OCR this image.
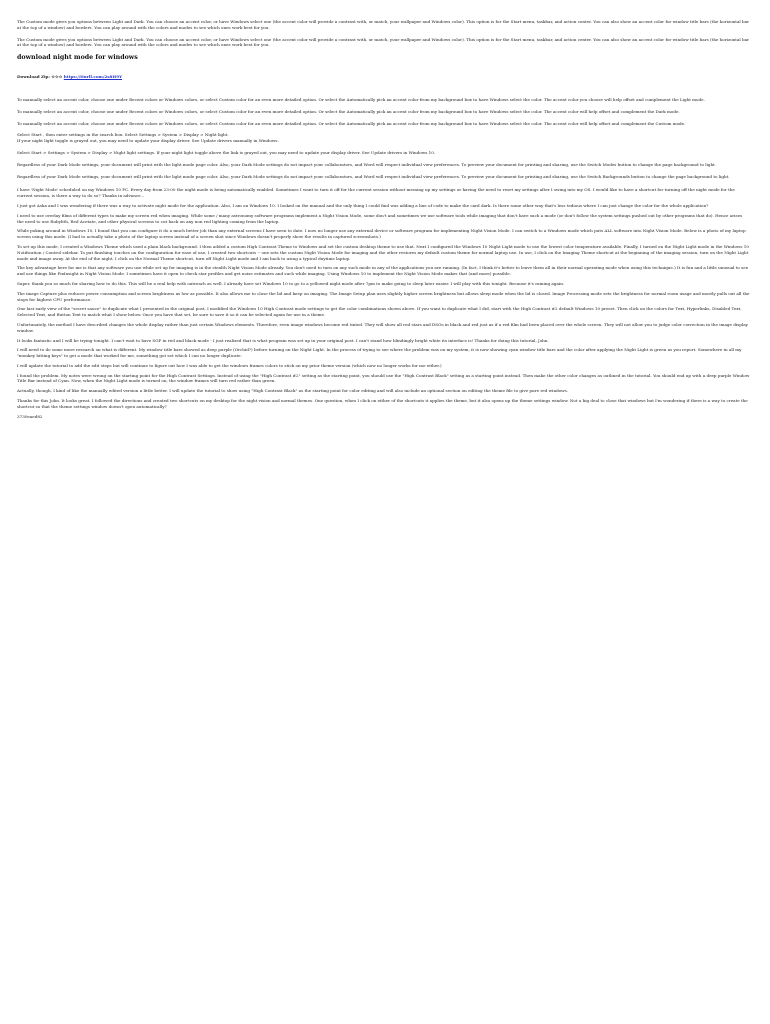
The Custom mode gives you options between Light and Dark. You can choose an accent color, or have Windows select one (the accent color will provide a contrast with, or match, your wallpaper and Windows color). This option is for the Start menu, taskbar, and action center. You can also show an accent color for window title bars (the horizontal bar at the top of a window) and borders. You can play around with the colors and modes to see which ones work best for you.

The Custom mode gives you options between Light and Dark. You can choose an accent color, or have Windows select one (the accent color will provide a contrast with, or match, your wallpaper and Windows color). This option is for the Start menu, taskbar, and action center. You can also show an accent color for window title bars (the horizontal bar at the top of a window) and borders. You can play around with the colors and modes to see which ones work best for you.

download night mode for windows

Download Zip: ☆☆☆ https://tiurll.com/2s8H9Y

To manually select an accent color, choose one under Recent colors or Windows colors, or select Custom color for an even more detailed option. Or select the Automatically pick an accent color from my background box to have Windows select the color. The accent color you choose will help offset and complement the Light mode.

To manually select an accent color, choose one under Recent colors or Windows colors, or select Custom color for an even more detailed option. Or select the Automatically pick an accent color from my background box to have Windows select the color. The accent color will help offset and complement the Dark mode.

To manually select an accent color, choose one under Recent colors or Windows colors, or select Custom color for an even more detailed option. Or select the Automatically pick an accent color from my background box to have Windows select the color. The accent color will help offset and complement the Custom mode.

Select Start , then enter settings in the search box. Select Settings > System > Display > Night light.
If your night light toggle is grayed out, you may need to update your display driver. See Update drivers manually in Windows.

Select Start > Settings > System > Display > Night light settings. If your night light toggle above the link is grayed out, you may need to update your display driver. See Update drivers in Windows 10.

Regardless of your Dark Mode settings, your document will print with the light mode page color. Also, your Dark Mode settings do not impact your collaborators, and Word will respect individual view preferences. To preview your document for printing and sharing, use the Switch Modes button to change the page background to light.

Regardless of your Dark Mode settings, your document will print with the light mode page color. Also, your Dark Mode settings do not impact your collaborators, and Word will respect individual view preferences. To preview your document for printing and sharing, use the Switch Backgrounds button to change the page background to light.

I have 'Night Mode' scheduled on my Windows 10 PC. Every day from 23:00 the night mode is being automatically enabled. Sometimes I want to turn it off for the current session without messing up my settings or having the need to reset my settings after I swing into my OS. I would like to have a shortcut for turning off the night mode for the current session, is there a way to do so? Thanks in advance...

I just got Aska and I was wondering if there was a way to activate night mode for the application. Also, I am on Windows 10. I looked on the manual and the only thing I could find was adding a line of code to make the card dark. Is there some other way that's less tedious where I can just change the color for the whole application?

I need to use overlay films of different types to make my screen red when imaging. While some / many astronomy software programs implement a Night Vision Mode, some don't and sometimes we use software tools while imaging that don't have such a mode (or don't follow the system settings pushed out by other programs that do). Hence arises the need to use Rubylith, Red Acetate, and other physical screens to cut back on any non red lighting coming from the laptop.

While poking around in Windows 10, I found that you can configure it do a much better job than any external screens I have seen to date. I now no longer use any external device or software program for implementing Night Vision Mode. I can switch to a Windows mode which puts ALL software into Night Vision Mode. Below is a photo of my laptop screen using this mode. (I had to actually take a photo of the laptop screen instead of a screen shot since Windows doesn't properly show the results in captured screenshots.)

To set up this mode, I created a Windows Theme which used a plain black background. I then added a custom High Contrast Theme to Windows and set the custom desktop theme to use that. Next I configured the Windows 10 Night Light mode to use the lowest color temperature available. Finally, I turned on the Night Light mode in the Windows 10 Notification / Control sidebar. To put finishing touches on the configuration for ease of use, I created two shortcuts -- one sets the custom Night Vision Mode for imaging and the other restores my default custom theme for normal laptop use. In use, I click on the Imaging Theme shortcut at the beginning of the imaging session, turn on the Night Light mode and image away. At the end of the night, I click on the Normal Theme shortcut, turn off Night Light mode and I am back to using a typical daytime laptop.

The key advantage here for me is that any software you use while set up for imaging is in the stealth Night Vision Mode already. You don't need to turn on any such mode in any of the applications you are running. (In fact, I think it's better to leave them all in their normal operating mode when using this technique.) It is fun and a little unusual to see and use things like PixInsight in Night Vision Mode. I sometimes have it open to check star profiles and get noise estimates and such while imaging. Using Windows 10 to implement the Night Vision Mode makes that (and more) possible.

Super, thank you so much for sharing how to do this. This will be a real help with outreach as well. I already have set Windows 10 to go to a yellowed night mode after 7pm to make going to sleep later easier. I will play with this tonight. Because it's raining again.

The image Capture plus reduces power consumption and screen brightness as low as possible. It also allows me to close the lid and keep on imaging. The Image Setup plan uses slightly higher screen brightness but allows sleep mode when the lid is closed. Image Processing mode sets the brightness for normal room usage and mostly pulls out all the stops for highest CPU performance.

One last early view of the "secret sauce" to duplicate what I presented in the original post, I modified the Windows 10 High Contrast mode settings to get the color combinations shown above. If you want to duplicate what I did, start with the High Contrast #2 default Windows 10 preset. Then click on the colors for Text, Hyperlinks, Disabled Text, Selected Text, and Button Text to match what I show below. Once you have that set, be sure to save it so it can be selected again for use in a theme.

Unfortunately, the method I have described changes the whole display rather than just certain Windows elements. Therefore, even image windows become red tinted. They will show all red stars and DSOs in black and red just as if a red film had been placed over the whole screen. They will not allow you to judge color correction in the image display window.

It looks fantastic and I will be trying tonight. I can't wait to have SGP in red and black mode - I just realized that is what program was set up in your original post. I can't stand how blindingly bright white its interface is! Thanks for doing this tutorial, John.

I will need to do some more research on what is different. My window title bars showed as deep purple (Orchid?) before turning on the Night Light. In the process of trying to see where the problem was on my system, it is now showing cyan window title bars and the color after applying the Night Light is green as you report. Somewhere in all my "monkey hitting keys" to get a mode that worked for me, something got set which I can no longer duplicate.

I will update the tutorial to add the edit steps but will continue to figure out how I was able to get the windows frames colors to stick on my prior theme version (which now no longer works for me either.)

I found the problem. My notes were wrong on the starting point for the High Contrast Settings. Instead of using the "High Contrast #2" setting as the starting point, you should use the "High Contrast Black" setting as a starting point instead. Then make the other color changes as outlined in the tutorial. You should end up with a deep purple Window Title Bar instead of Cyan. Now, when the Night Light mode is turned on, the window frames will turn red rather than green.

Actually, though, I kind of like the manually edited version a little better. I will update the tutorial to show using "High Contrast Black" as the starting point for color editing and will also include an optional section on editing the theme file to give pure red windows.

Thanks for this John. It looks great. I followed the directions and created two shortcuts on my desktop for the night vision and normal themes. One question, when I click on either of the shortcuts it applies the theme, but it also opens up the theme settings window. Not a big deal to close that windows but I'm wondering if there is a way to create the shortcut so that the theme settings window doesn't open automatically?

3730eaed82
